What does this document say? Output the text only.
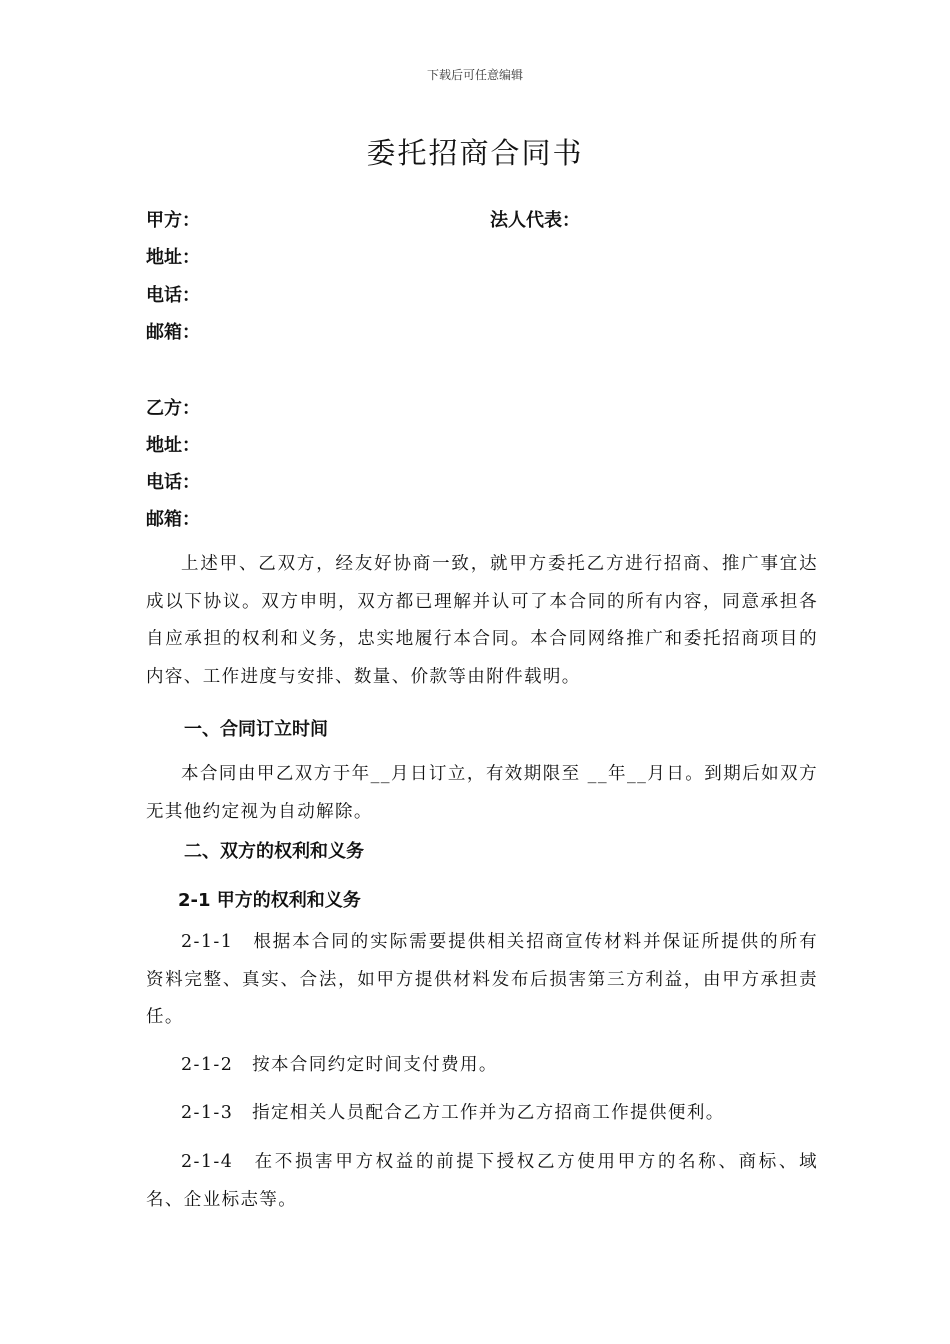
下载后可任意编辑
委托招商合同书
甲方：	法人代表：
地址：
电话：
邮箱：
乙方：
地址：
电话：
邮箱：
上述甲、乙双方，经友好协商一致，就甲方委托乙方进行招商、推广事宜达成以下协议。双方申明，双方都已理解并认可了本合同的所有内容，同意承担各自应承担的权利和义务，忠实地履行本合同。本合同网络推广和委托招商项目的内容、工作进度与安排、数量、价款等由附件载明。
一、合同订立时间
本合同由甲乙双方于年__月日订立，有效期限至 __年__月日。到期后如双方无其他约定视为自动解除。
二、双方的权利和义务
2-1 甲方的权利和义务
2-1-1　根据本合同的实际需要提供相关招商宣传材料并保证所提供的所有资料完整、真实、合法，如甲方提供材料发布后损害第三方利益，由甲方承担责任。
2-1-2　按本合同约定时间支付费用。
2-1-3　指定相关人员配合乙方工作并为乙方招商工作提供便利。
2-1-4　在不损害甲方权益的前提下授权乙方使用甲方的名称、商标、域名、企业标志等。
